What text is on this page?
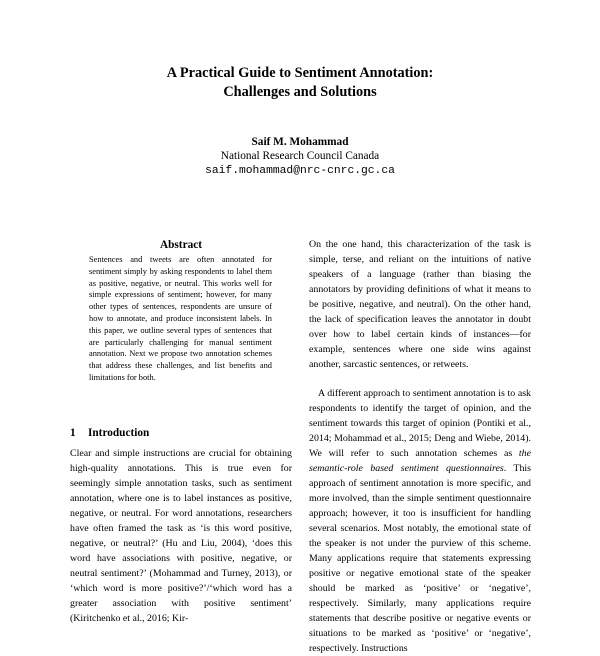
A Practical Guide to Sentiment Annotation:
Challenges and Solutions
Saif M. Mohammad
National Research Council Canada
saif.mohammad@nrc-cnrc.gc.ca
Abstract

Sentences and tweets are often annotated for sentiment simply by asking respondents to label them as positive, negative, or neutral. This works well for simple expressions of sentiment; however, for many other types of sentences, respondents are unsure of how to annotate, and produce inconsistent labels. In this paper, we outline several types of sentences that are particularly challenging for manual sentiment annotation. Next we propose two annotation schemes that address these challenges, and list benefits and limitations for both.

1 Introduction

Clear and simple instructions are crucial for obtaining high-quality annotations. This is true even for seemingly simple annotation tasks, such as sentiment annotation, where one is to label instances as positive, negative, or neutral. For word annotations, researchers have often framed the task as ‘is this word positive, negative, or neutral?’ (Hu and Liu, 2004), ‘does this word have associations with positive, negative, or neutral sentiment?’ (Mohammad and Turney, 2013), or ‘which word is more positive?’/‘which word has a greater association with positive sentiment’ (Kiritchenko et al., 2016; Kir-

On the one hand, this characterization of the task is simple, terse, and reliant on the intuitions of native speakers of a language (rather than biasing the annotators by providing definitions of what it means to be positive, negative, and neutral). On the other hand, the lack of specification leaves the annotator in doubt over how to label certain kinds of instances—for example, sentences where one side wins against another, sarcastic sentences, or retweets.

A different approach to sentiment annotation is to ask respondents to identify the target of opinion, and the sentiment towards this target of opinion (Pontiki et al., 2014; Mohammad et al., 2015; Deng and Wiebe, 2014). We will refer to such annotation schemes as the semantic-role based sentiment questionnaires. This approach of sentiment annotation is more specific, and more involved, than the simple sentiment questionnaire approach; however, it too is insufficient for handling several scenarios. Most notably, the emotional state of the speaker is not under the purview of this scheme. Many applications require that statements expressing positive or negative emotional state of the speaker should be marked as ‘positive’ or ‘negative’, respectively. Similarly, many applications require statements that describe positive or negative events or situations to be marked as ‘positive’ or ‘negative’, respectively. Instructions
